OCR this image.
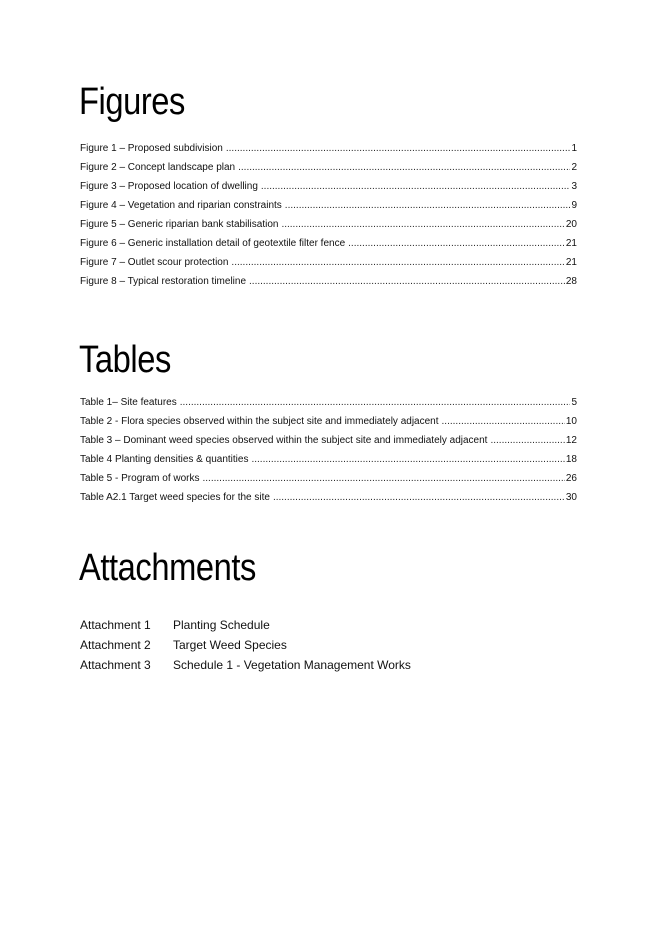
Figures
Figure 1 – Proposed subdivision .....	1
Figure 2 – Concept landscape plan .....	2
Figure 3 – Proposed location of dwelling .....	3
Figure 4 – Vegetation and riparian constraints .....	9
Figure 5 – Generic riparian bank stabilisation .....	20
Figure 6 – Generic installation detail of geotextile filter fence .....	21
Figure 7 – Outlet scour protection .....	21
Figure 8 – Typical restoration timeline .....	28
Tables
Table 1– Site features .....	5
Table 2 - Flora species observed within the subject site and immediately adjacent .....	10
Table 3 – Dominant weed species observed within the subject site and immediately adjacent .....	12
Table 4 Planting densities & quantities .....	18
Table 5 - Program of works .....	26
Table A2.1 Target weed species for the site .....	30
Attachments
Attachment 1	Planting Schedule
Attachment 2	Target Weed Species
Attachment 3	Schedule 1 - Vegetation Management Works
